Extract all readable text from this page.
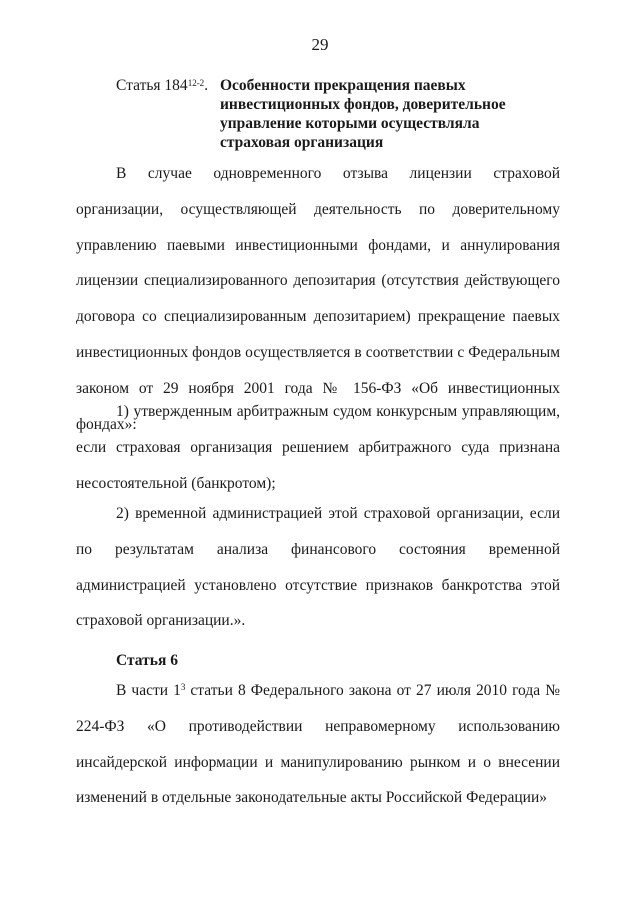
29
Статья 184$^{12-2}$. Особенности прекращения паевых инвестиционных фондов, доверительное управление которыми осуществляла страховая организация

В случае одновременного отзыва лицензии страховой организации, осуществляющей деятельность по доверительному управлению паевыми инвестиционными фондами, и аннулирования лицензии специализированного депозитария (отсутствия действующего договора со специализированным депозитарием) прекращение паевых инвестиционных фондов осуществляется в соответствии с Федеральным законом от 29 ноября 2001 года № 156-ФЗ «Об инвестиционных фондах»:

1) утвержденным арбитражным судом конкурсным управляющим, если страховая организация решением арбитражного суда признана несостоятельной (банкротом);

2) временной администрацией этой страховой организации, если по результатам анализа финансового состояния временной администрацией установлено отсутствие признаков банкротства этой страховой организации.».

Статья 6

В части $1^3$ статьи 8 Федерального закона от 27 июля 2010 года № 224-ФЗ «О противодействии неправомерному использованию инсайдерской информации и манипулированию рынком и о внесении изменений в отдельные законодательные акты Российской Федерации»
